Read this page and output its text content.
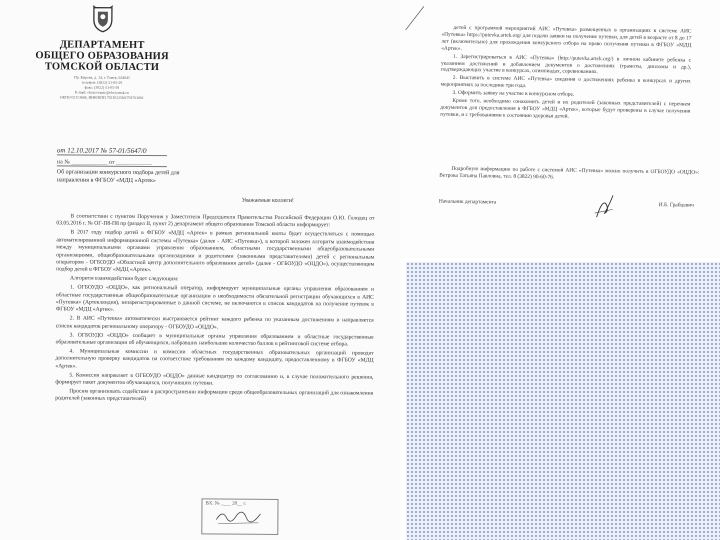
ДЕПАРТАМЕНТ
ОБЩЕГО ОБРАЗОВАНИЯ
ТОМСКОЙ ОБЛАСТИ
Пр. Кирова, д. 14, г. Томск, 634041
телефон: (3822) 51-05-59
факс: (3822) 51-05-59
E-mail: obrazovanie@obr.tomsk.ru
ОКПО 02113604, ИНН/КПП 7021022569/701701001
от 12.10.2017 № 57-01/5647/0
на № ____________ от ____________
Об организации конкурсного подбора детей для направления в ФГБОУ «МДЦ «Артек»
Уважаемые коллеги!

В соответствии с пунктом Поручения у Заместителя Председателя Правительства Российской Федерации О.Ю. Голодец от 03.05.2016 г. № ОГ-П8-П8 пр (раздел II, пункт 2) департамент общего образования Томской области информирует:

В 2017 году подбор детей в ФГБОУ «МДЦ «Артек» в рамках региональной квоты будет осуществляться с помощью автоматизированной информационной системы «Путевка» (далее - АИС «Путевка»), в которой заложен алгоритм взаимодействия между муниципальными органами управления образованием, областными государственными общеобразовательными организациями, общеобразовательными организациями и родителями (законными представителями) детей с региональным оператором - ОГБОУДО «Областной центр дополнительного образования детей» (далее - ОГБОУДО «ОЦДО»), осуществляющим подбор детей в ФГБОУ «МДЦ «Артек».

Алгоритм взаимодействия будет следующим:

1. ОГБОУДО «ОЦДО», как региональный оператор, информирует муниципальные органы управления образованием и областные государственные общеобразовательные организации о необходимости обязательной регистрации обучающихся в АИС «Путевка» (Артекляндия), незарегистрированные в данной системе, не включаются в список кандидатов на получение путевок в ФГБОУ «МДЦ «Артек».

2. В АИС «Путевка» автоматически выстраивается рейтинг каждого ребенка по указанным достижениям и направляется список кандидатов региональному оператору - ОГБОУДО «ОЦДО».

3. ОГБОУДО «ОЦДО» сообщает в муниципальные органы управления образованием и областные государственные образовательные организации об обучающихся, набравших наибольшее количество баллов в рейтинговой системе отбора.

4. Муниципальные комиссии и комиссии областных государственных образовательных организаций проводят дополнительную проверку кандидатов на соответствие требованиям по каждому кандидату, предоставленному в ФГБОУ «МДЦ «Артек».

5. Комиссия направляет в ОГБОУДО «ОЦДО» данные кандидатур по согласованию и, в случае положительного решения, формирует пакет документов обучающихся, получивших путевки.

Просим организовать содействие в распространении информации среди общеобразовательных организаций для ознакомления родителей (законных представителей)

ВХ. № ____ 20__ г.

детей с программой мероприятий АИС «Путевка» размещенных в организациях в системе АИС «Путевка» https://putevka.artek.org/ для подачи заявки на получение путевки, для детей в возрасте от 8 до 17 лет (включительно) для прохождения конкурсного отбора на право получения путевки в ФГБОУ «МДЦ «Артек».

1. Зарегистрироваться в АИС «Путевка» (http://putevka.artek.org/) в личном кабинете ребенка с указанием достижений и добавлением документов о достижениях (грамоты, дипломы и др.), подтверждающих участие в конкурсах, олимпиадах, соревнованиях.

2. Выставить в системе АИС «Путевка» сведения о достижениях ребенка в конкурсах и других мероприятиях за последние три года.

3. Оформить заявку на участие в конкурсном отборе.

Кроме того, необходимо ознакомить детей и их родителей (законных представителей) с перечнем документов для предоставления в ФГБОУ «МДЦ «Артек», которые будут проверены в случае получения путевки, и с требованиями к состоянию здоровья детей.

Подробную информацию по работе с системой АИС «Путевка» можно получить в ОГБОУДО «ОЦДО»: Ветрова Татьяна Павловна, тел. 8 (3822) 90-60-76.

Начальник департамента	И.Б. Грабцевич
